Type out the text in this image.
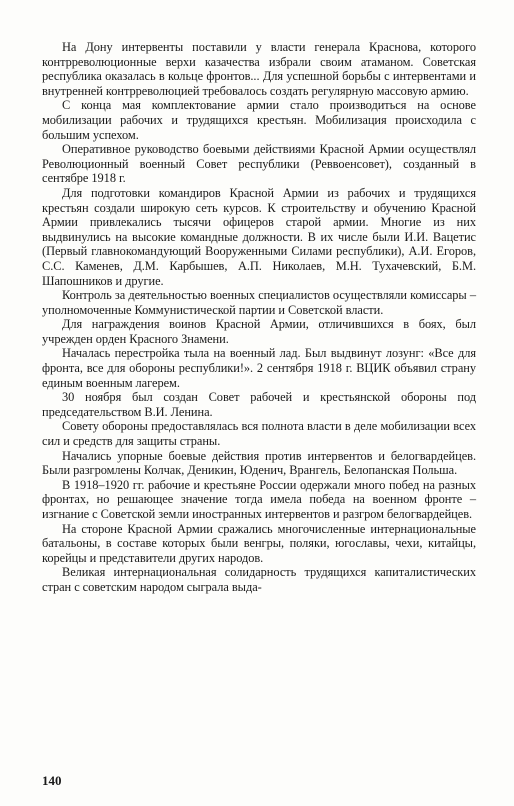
На Дону интервенты поставили у власти генерала Краснова, которого контрреволюционные верхи казачества избрали своим атаманом. Советская республика оказалась в кольце фронтов... Для успешной борьбы с интервентами и внутренней контрреволюцией требовалось создать регулярную массовую армию.

С конца мая комплектование армии стало производиться на основе мобилизации рабочих и трудящихся крестьян. Мобилизация происходила с большим успехом.

Оперативное руководство боевыми действиями Красной Армии осуществлял Революционный военный Совет республики (Реввоенсовет), созданный в сентябре 1918 г.

Для подготовки командиров Красной Армии из рабочих и трудящихся крестьян создали широкую сеть курсов. К строительству и обучению Красной Армии привлекались тысячи офицеров старой армии. Многие из них выдвинулись на высокие командные должности. В их числе были И.И. Вацетис (Первый главнокомандующий Вооруженными Силами республики), А.И. Егоров, С.С. Каменев, Д.М. Карбышев, А.П. Николаев, М.Н. Тухачевский, Б.М. Шапошников и другие.

Контроль за деятельностью военных специалистов осуществляли комиссары – уполномоченные Коммунистической партии и Советской власти.

Для награждения воинов Красной Армии, отличившихся в боях, был учрежден орден Красного Знамени.

Началась перестройка тыла на военный лад. Был выдвинут лозунг: «Все для фронта, все для обороны республики!». 2 сентября 1918 г. ВЦИК объявил страну единым военным лагерем.

30 ноября был создан Совет рабочей и крестьянской обороны под председательством В.И. Ленина.

Совету обороны предоставлялась вся полнота власти в деле мобилизации всех сил и средств для защиты страны.

Начались упорные боевые действия против интервентов и белогвардейцев. Были разгромлены Колчак, Деникин, Юденич, Врангель, Белопанская Польша.

В 1918–1920 гг. рабочие и крестьяне России одержали много побед на разных фронтах, но решающее значение тогда имела победа на военном фронте – изгнание с Советской земли иностранных интервентов и разгром белогвардейцев.

На стороне Красной Армии сражались многочисленные интернациональные батальоны, в составе которых были венгры, поляки, югославы, чехи, китайцы, корейцы и представители других народов.

Великая интернациональная солидарность трудящихся капиталистических стран с советским народом сыграла выда-

140
